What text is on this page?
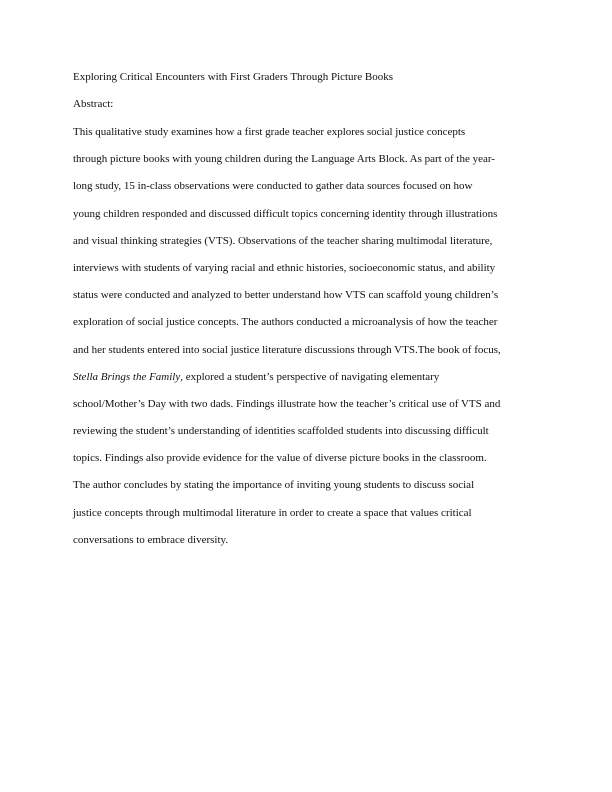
Exploring Critical Encounters with First Graders Through Picture Books
Abstract:
This qualitative study examines how a first grade teacher explores social justice concepts
through picture books with young children during the Language Arts Block. As part of the year-
long study, 15 in-class observations were conducted to gather data sources focused on how
young children responded and discussed difficult topics concerning identity through illustrations
and visual thinking strategies (VTS). Observations of the teacher sharing multimodal literature,
interviews with students of varying racial and ethnic histories, socioeconomic status, and ability
status were conducted and analyzed to better understand how VTS can scaffold young children’s
exploration of social justice concepts. The authors conducted a microanalysis of how the teacher
and her students entered into social justice literature discussions through VTS.The book of focus,
Stella Brings the Family, explored a student’s perspective of navigating elementary
school/Mother’s Day with two dads. Findings illustrate how the teacher’s critical use of VTS and
reviewing the student’s understanding of identities scaffolded students into discussing difficult
topics. Findings also provide evidence for the value of diverse picture books in the classroom.
The author concludes by stating the importance of inviting young students to discuss social
justice concepts through multimodal literature in order to create a space that values critical
conversations to embrace diversity.
